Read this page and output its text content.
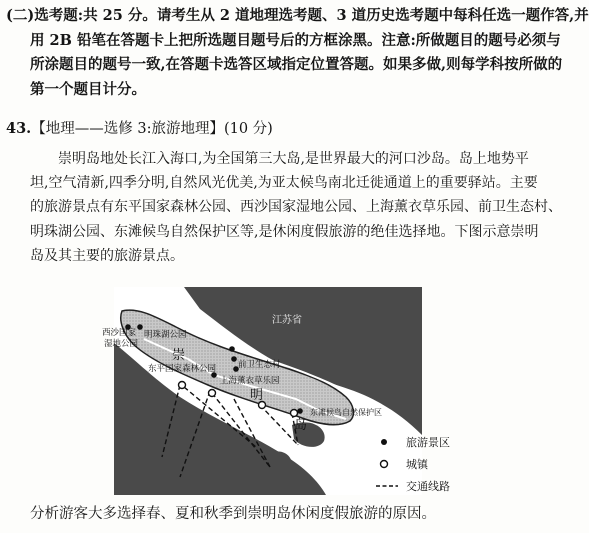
(二)选考题:共 25 分。请考生从 2 道地理选考题、3 道历史选考题中每科任选一题作答,并
用 2B 铅笔在答题卡上把所选题目题号后的方框涂黑。注意:所做题目的题号必须与
所涂题目的题号一致,在答题卡选答区域指定位置答题。如果多做,则每学科按所做的
第一个题目计分。
43.【地理——选修 3:旅游地理】(10 分)
崇明岛地处长江入海口,为全国第三大岛,是世界最大的河口沙岛。岛上地势平
坦,空气清新,四季分明,自然风光优美,为亚太候鸟南北迁徙通道上的重要驿站。主要
的旅游景点有东平国家森林公园、西沙国家湿地公园、上海薰衣草乐园、前卫生态村、
明珠湖公园、东滩候鸟自然保护区等,是休闲度假旅游的绝佳选择地。下图示意崇明
岛及其主要的旅游景点。
江苏省
西沙国家
湿地公园
明珠湖公园
崇
前卫生态村
东平国家森林公园
上海薰衣草乐园
明
东滩候鸟自然保护区
岛
旅游景区
城镇
交通线路
分析游客大多选择春、夏和秋季到崇明岛休闲度假旅游的原因。
